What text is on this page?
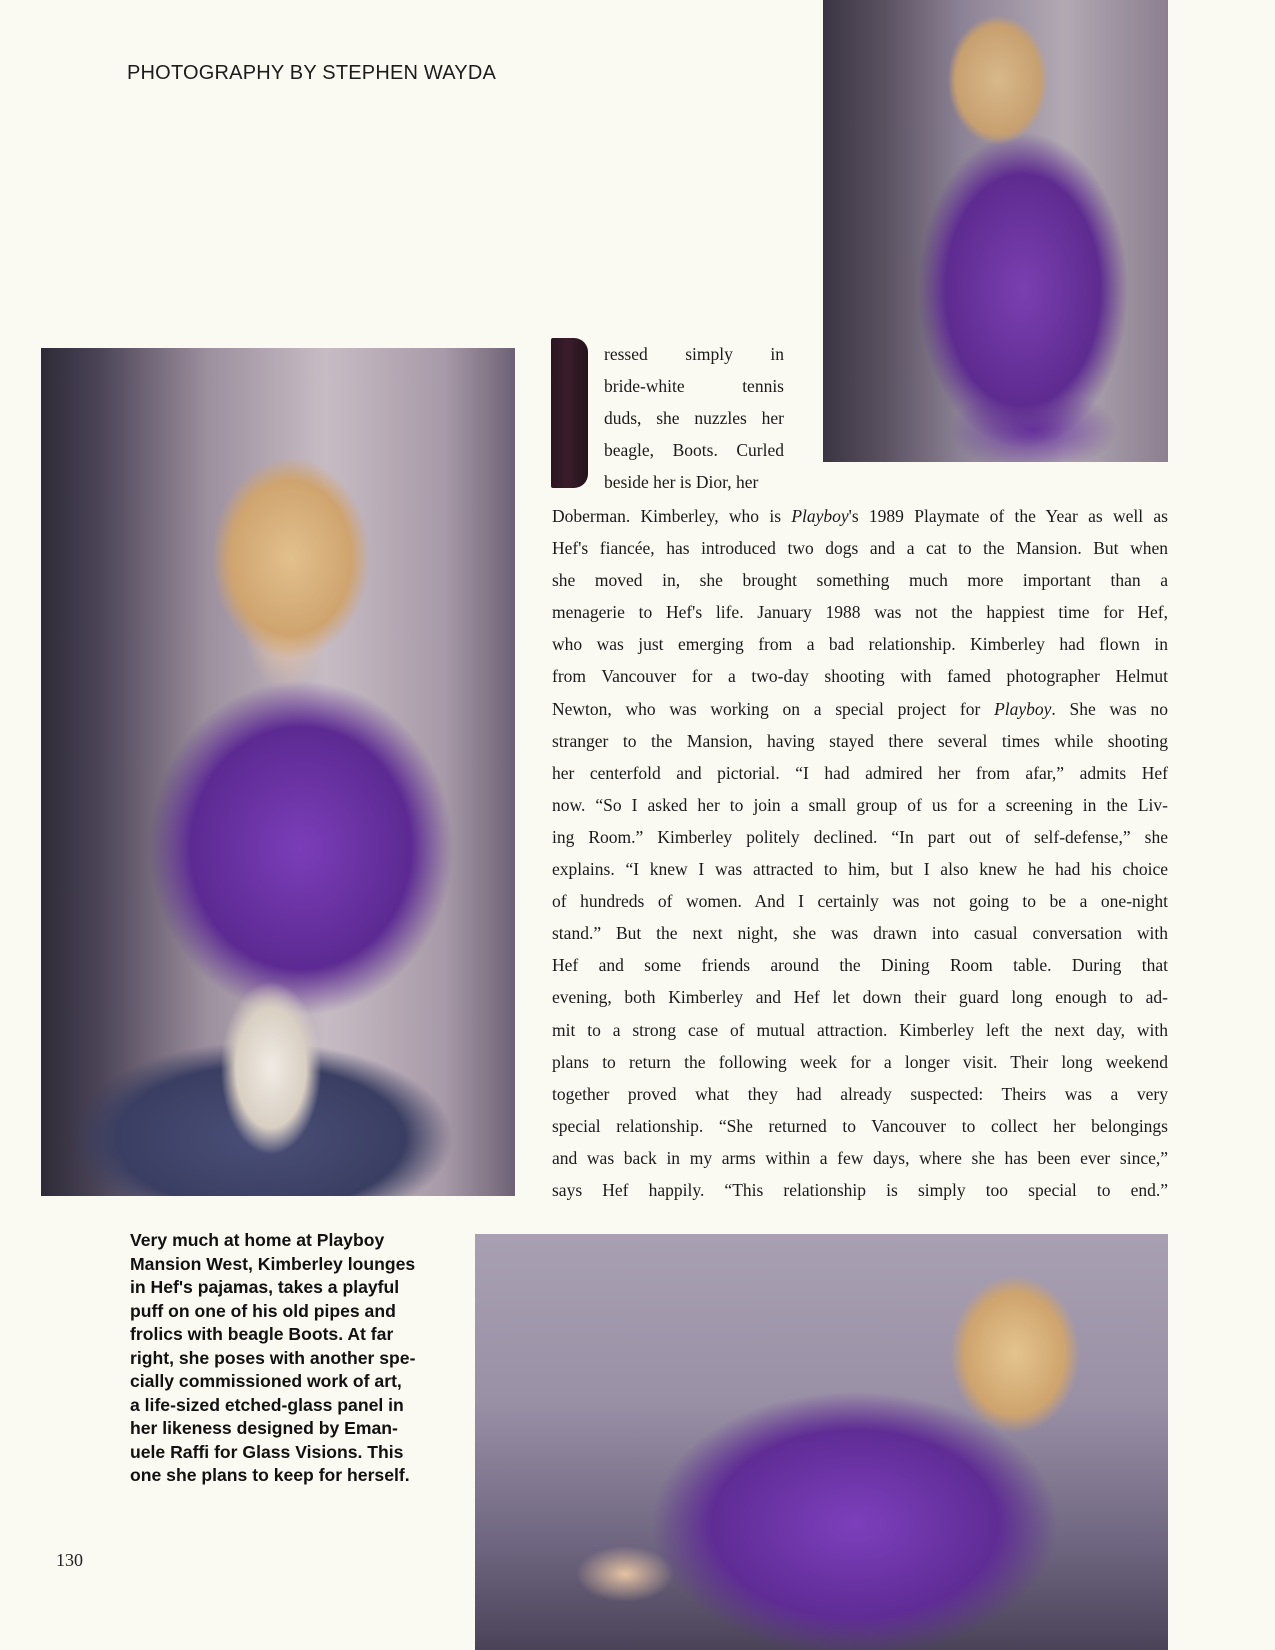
PHOTOGRAPHY BY STEPHEN WAYDA
ressed simply in
bride-white tennis
duds, she nuzzles her
beagle, Boots. Curled
beside her is Dior, her
Doberman. Kimberley, who is Playboy's 1989 Playmate of the Year as well as
Hef's fiancée, has introduced two dogs and a cat to the Mansion. But when
she moved in, she brought something much more important than a
menagerie to Hef's life. January 1988 was not the happiest time for Hef,
who was just emerging from a bad relationship. Kimberley had flown in
from Vancouver for a two-day shooting with famed photographer Helmut
Newton, who was working on a special project for Playboy. She was no
stranger to the Mansion, having stayed there several times while shooting
her centerfold and pictorial. “I had admired her from afar,” admits Hef
now. “So I asked her to join a small group of us for a screening in the Liv-
ing Room.” Kimberley politely declined. “In part out of self-defense,” she
explains. “I knew I was attracted to him, but I also knew he had his choice
of hundreds of women. And I certainly was not going to be a one-night
stand.” But the next night, she was drawn into casual conversation with
Hef and some friends around the Dining Room table. During that
evening, both Kimberley and Hef let down their guard long enough to ad-
mit to a strong case of mutual attraction. Kimberley left the next day, with
plans to return the following week for a longer visit. Their long weekend
together proved what they had already suspected: Theirs was a very
special relationship. “She returned to Vancouver to collect her belongings
and was back in my arms within a few days, where she has been ever since,”
says Hef happily. “This relationship is simply too special to end.”
Very much at home at Playboy
Mansion West, Kimberley lounges
in Hef's pajamas, takes a playful
puff on one of his old pipes and
frolics with beagle Boots. At far
right, she poses with another spe-
cially commissioned work of art,
a life-sized etched-glass panel in
her likeness designed by Eman-
uele Raffi for Glass Visions. This
one she plans to keep for herself.
130
